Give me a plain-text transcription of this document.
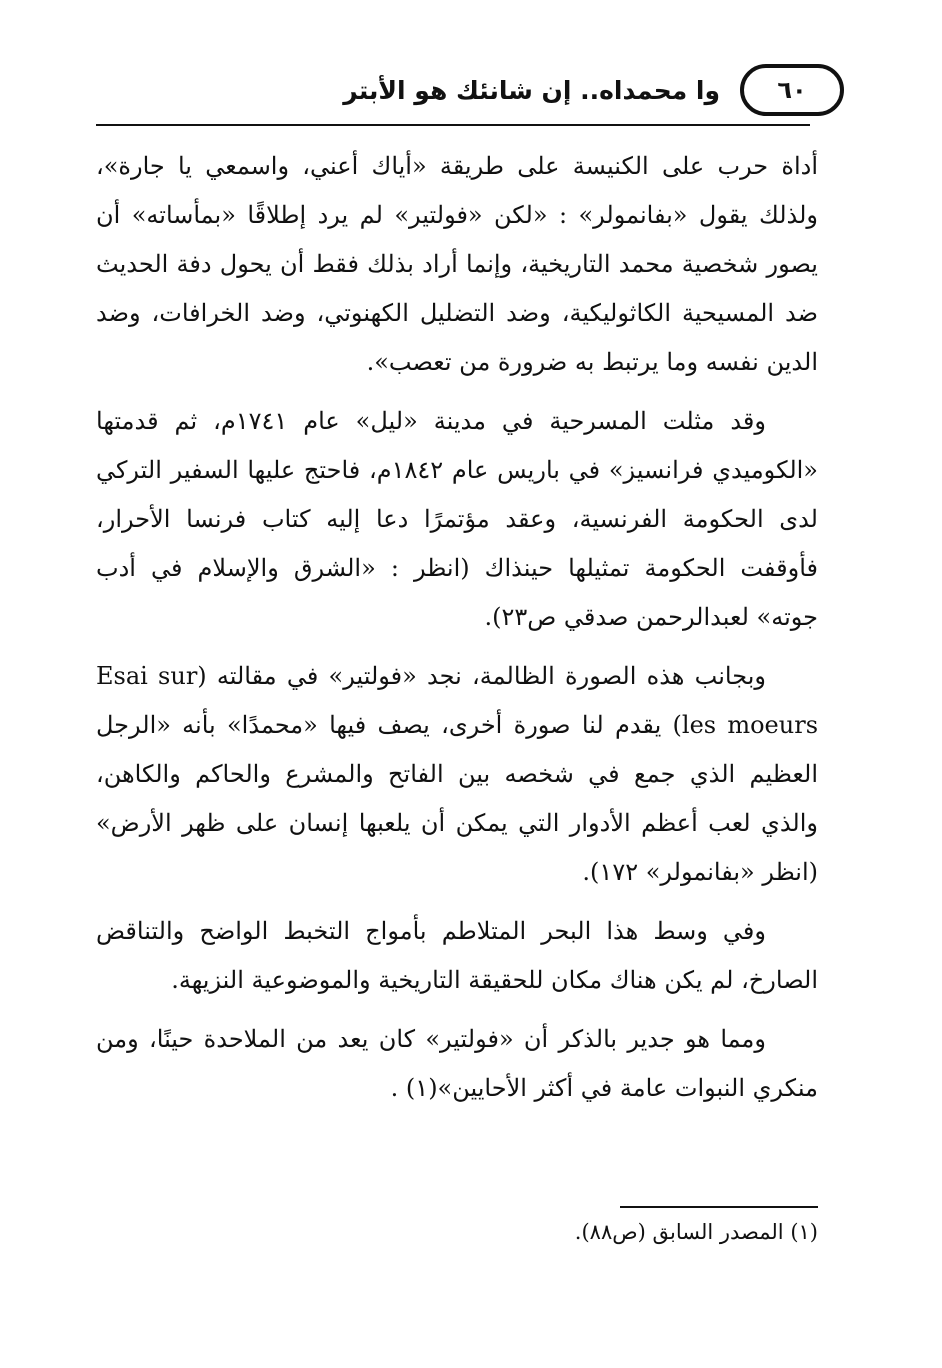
٦٠
وا محمداه.. إن شانئك هو الأبتر

أداة حرب على الكنيسة على طريقة «أياك أعني، واسمعي يا جارة»، ولذلك يقول «بفانمولر» : «لكن «فولتير» لم يرد إطلاقًا «بمأساته» أن يصور شخصية محمد التاريخية، وإنما أراد بذلك فقط أن يحول دفة الحديث ضد المسيحية الكاثوليكية، وضد التضليل الكهنوتي، وضد الخرافات، وضد الدين نفسه وما يرتبط به ضرورة من تعصب».

وقد مثلت المسرحية في مدينة «ليل» عام ١٧٤١م، ثم قدمتها «الكوميدي فرانسيز» في باريس عام ١٨٤٢م، فاحتج عليها السفير التركي لدى الحكومة الفرنسية، وعقد مؤتمرًا دعا إليه كتاب فرنسا الأحرار، فأوقفت الحكومة تمثيلها حينذاك (انظر : «الشرق والإسلام في أدب جوته» لعبدالرحمن صدقي ص٢٣).

وبجانب هذه الصورة الظالمة، نجد «فولتير» في مقالته (Esai sur les moeurs) يقدم لنا صورة أخرى، يصف فيها «محمدًا» بأنه «الرجل العظيم الذي جمع في شخصه بين الفاتح والمشرع والحاكم والكاهن، والذي لعب أعظم الأدوار التي يمكن أن يلعبها إنسان على ظهر الأرض» (انظر «بفانمولر» ١٧٢).

وفي وسط هذا البحر المتلاطم بأمواج التخبط الواضح والتناقض الصارخ، لم يكن هناك مكان للحقيقة التاريخية والموضوعية النزيهة.

ومما هو جدير بالذكر أن «فولتير» كان يعد من الملاحدة حينًا، ومن منكري النبوات عامة في أكثر الأحايين»(١) .

(١) المصدر السابق (ص٨٨).
